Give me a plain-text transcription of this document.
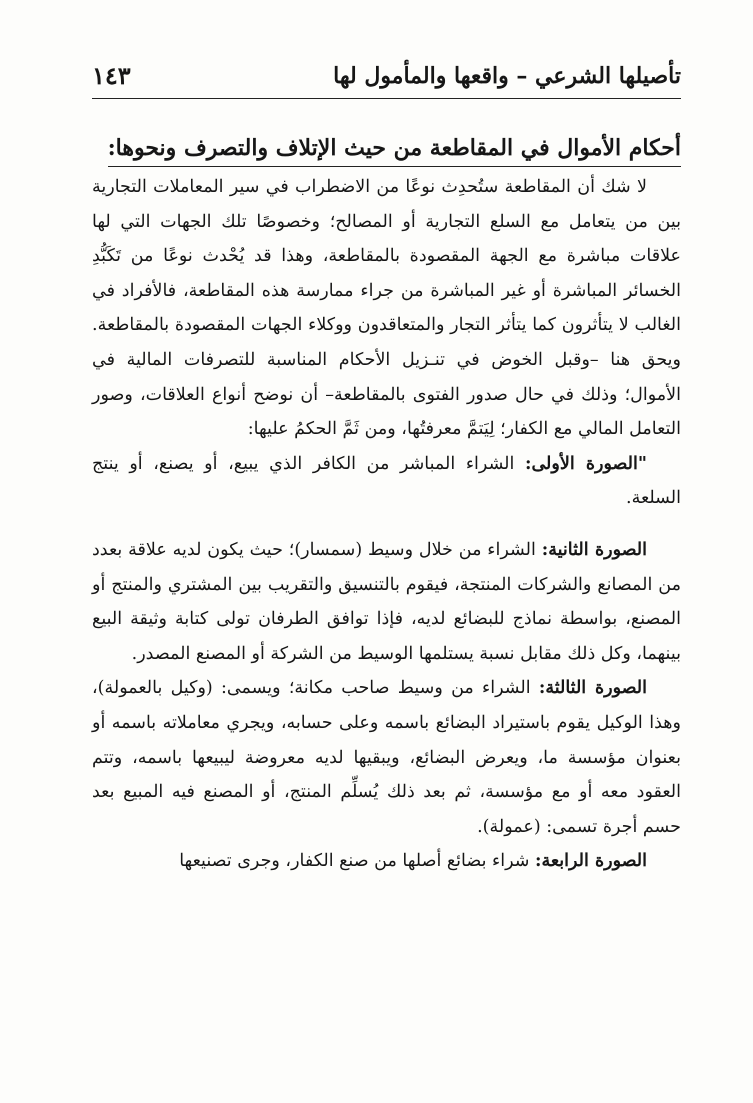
تأصيلها الشرعي – واقعها والمأمول لها
١٤٣
أحكام الأموال في المقاطعة من حيث الإتلاف والتصرف ونحوها:

لا شك أن المقاطعة ستُحدِث نوعًا من الاضطراب في سير المعاملات التجارية بين من يتعامل مع السلع التجارية أو المصالح؛ وخصوصًا تلك الجهات التي لها علاقات مباشرة مع الجهة المقصودة بالمقاطعة، وهذا قد يُحْدث نوعًا من تَكَبُّدِ الخسائر المباشرة أو غير المباشرة من جراء ممارسة هذه المقاطعة، فالأفراد في الغالب لا يتأثرون كما يتأثر التجار والمتعاقدون ووكلاء الجهات المقصودة بالمقاطعة. ويحق هنا –وقبل الخوض في تنـزيل الأحكام المناسبة للتصرفات المالية في الأموال؛ وذلك في حال صدور الفتوى بالمقاطعة– أن نوضح أنواع العلاقات، وصور التعامل المالي مع الكفار؛ لِيَتمَّ معرفتُها، ومن ثَمَّ الحكمُ عليها:

"الصورة الأولى: الشراء المباشر من الكافر الذي يبيع، أو يصنع، أو ينتج السلعة.

الصورة الثانية: الشراء من خلال وسيط (سمسار)؛ حيث يكون لديه علاقة بعدد من المصانع والشركات المنتجة، فيقوم بالتنسيق والتقريب بين المشتري والمنتج أو المصنع، بواسطة نماذج للبضائع لديه، فإذا توافق الطرفان تولى كتابة وثيقة البيع بينهما، وكل ذلك مقابل نسبة يستلمها الوسيط من الشركة أو المصنع المصدر.

الصورة الثالثة: الشراء من وسيط صاحب مكانة؛ ويسمى: (وكيل بالعمولة)، وهذا الوكيل يقوم باستيراد البضائع باسمه وعلى حسابه، ويجري معاملاته باسمه أو بعنوان مؤسسة ما، ويعرض البضائع، ويبقيها لديه معروضة ليبيعها باسمه، وتتم العقود معه أو مع مؤسسة، ثم بعد ذلك يُسلِّم المنتج، أو المصنع فيه المبيع بعد حسم أجرة تسمى: (عمولة).

الصورة الرابعة: شراء بضائع أصلها من صنع الكفار، وجرى تصنيعها
